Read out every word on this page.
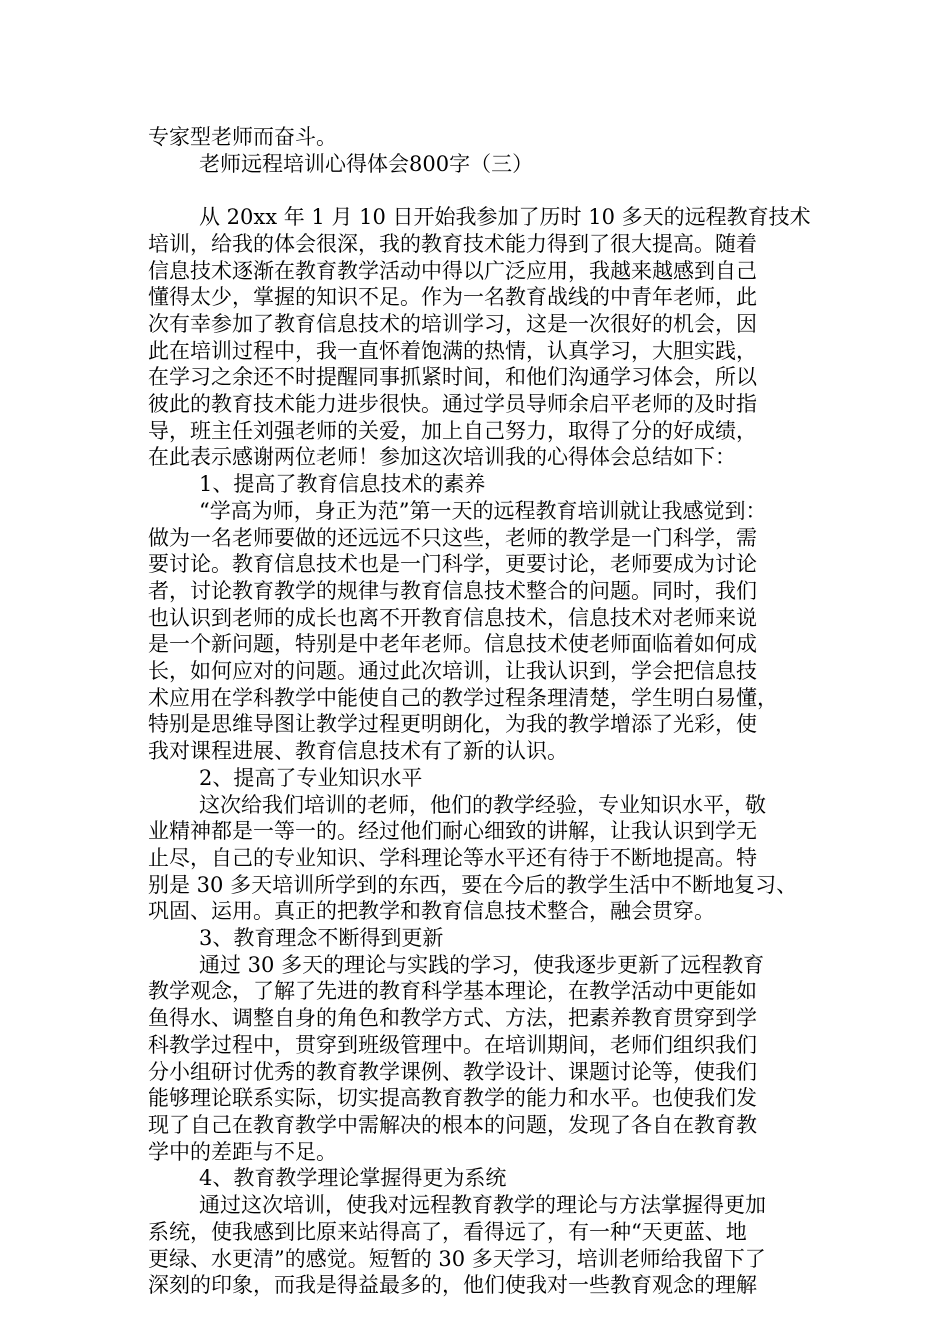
专家型老师而奋斗。
老师远程培训心得体会800字（三）
从 20xx 年 1 月 10 日开始我参加了历时 10 多天的远程教育技术
培训，给我的体会很深，我的教育技术能力得到了很大提高。随着
信息技术逐渐在教育教学活动中得以广泛应用，我越来越感到自己
懂得太少，掌握的知识不足。作为一名教育战线的中青年老师，此
次有幸参加了教育信息技术的培训学习，这是一次很好的机会，因
此在培训过程中，我一直怀着饱满的热情，认真学习，大胆实践，
在学习之余还不时提醒同事抓紧时间，和他们沟通学习体会，所以
彼此的教育技术能力进步很快。通过学员导师余启平老师的及时指
导，班主任刘强老师的关爱，加上自己努力，取得了分的好成绩，
在此表示感谢两位老师！参加这次培训我的心得体会总结如下：
1、提高了教育信息技术的素养
“学高为师，身正为范”第一天的远程教育培训就让我感觉到：
做为一名老师要做的还远远不只这些，老师的教学是一门科学，需
要讨论。教育信息技术也是一门科学，更要讨论，老师要成为讨论
者，讨论教育教学的规律与教育信息技术整合的问题。同时，我们
也认识到老师的成长也离不开教育信息技术，信息技术对老师来说
是一个新问题，特别是中老年老师。信息技术使老师面临着如何成
长，如何应对的问题。通过此次培训，让我认识到，学会把信息技
术应用在学科教学中能使自己的教学过程条理清楚，学生明白易懂，
特别是思维导图让教学过程更明朗化，为我的教学增添了光彩，使
我对课程进展、教育信息技术有了新的认识。
2、提高了专业知识水平
这次给我们培训的老师，他们的教学经验，专业知识水平，敬
业精神都是一等一的。经过他们耐心细致的讲解，让我认识到学无
止尽，自己的专业知识、学科理论等水平还有待于不断地提高。特
别是 30 多天培训所学到的东西，要在今后的教学生活中不断地复习、
巩固、运用。真正的把教学和教育信息技术整合，融会贯穿。
3、教育理念不断得到更新
通过 30 多天的理论与实践的学习，使我逐步更新了远程教育
教学观念，了解了先进的教育科学基本理论，在教学活动中更能如
鱼得水、调整自身的角色和教学方式、方法，把素养教育贯穿到学
科教学过程中，贯穿到班级管理中。在培训期间，老师们组织我们
分小组研讨优秀的教育教学课例、教学设计、课题讨论等，使我们
能够理论联系实际，切实提高教育教学的能力和水平。也使我们发
现了自己在教育教学中需解决的根本的问题，发现了各自在教育教
学中的差距与不足。
4、教育教学理论掌握得更为系统
通过这次培训，使我对远程教育教学的理论与方法掌握得更加
系统，使我感到比原来站得高了，看得远了，有一种“天更蓝、地
更绿、水更清”的感觉。短暂的 30 多天学习，培训老师给我留下了
深刻的印象，而我是得益最多的，他们使我对一些教育观念的理解
